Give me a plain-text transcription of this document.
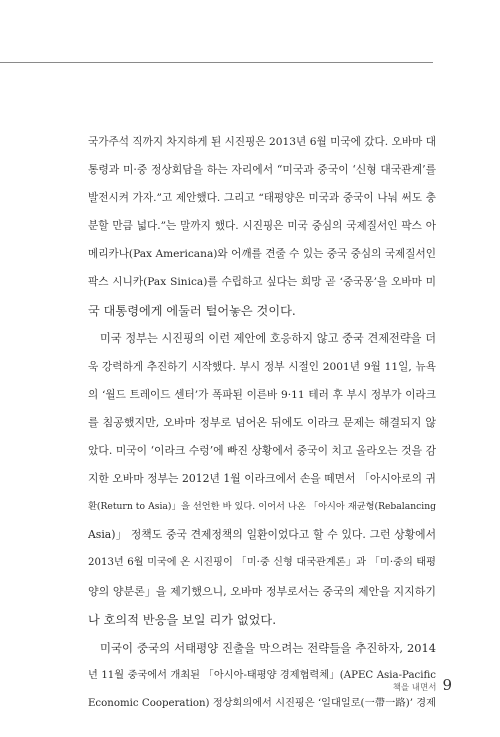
국가주석 직까지 차지하게 된 시진핑은 2013년 6월 미국에 갔다. 오바마 대
통령과 미·중 정상회담을 하는 자리에서 “미국과 중국이 ‘신형 대국관계’를
발전시켜 가자.”고 제안했다. 그리고 “태평양은 미국과 중국이 나눠 써도 충
분할 만큼 넓다.”는 말까지 했다. 시진핑은 미국 중심의 국제질서인 팍스 아
메리카나(Pax Americana)와 어깨를 견줄 수 있는 중국 중심의 국제질서인
팍스 시니카(Pax Sinica)를 수립하고 싶다는 희망 곧 ‘중국몽’을 오바마 미
국 대통령에게 에둘러 털어놓은 것이다.
미국 정부는 시진핑의 이런 제안에 호응하지 않고 중국 견제전략을 더
욱 강력하게 추진하기 시작했다. 부시 정부 시절인 2001년 9월 11일, 뉴욕
의 ‘월드 트레이드 센터’가 폭파된 이른바 9·11 테러 후 부시 정부가 이라크
를 침공했지만, 오바마 정부로 넘어온 뒤에도 이라크 문제는 해결되지 않
았다. 미국이 ‘이라크 수렁’에 빠진 상황에서 중국이 치고 올라오는 것을 감
지한 오바마 정부는 2012년 1월 이라크에서 손을 떼면서 「아시아로의 귀
환(Return to Asia)」을 선언한 바 있다. 이어서 나온 「아시아 재균형(Rebalancing
Asia)」 정책도 중국 견제정책의 일환이었다고 할 수 있다. 그런 상황에서
2013년 6월 미국에 온 시진핑이 「미·중 신형 대국관계론」과 「미·중의 태평
양의 양분론」을 제기했으니, 오바마 정부로서는 중국의 제안을 지지하기
나 호의적 반응을 보일 리가 없었다.
미국이 중국의 서태평양 진출을 막으려는 전략들을 추진하자, 2014
년 11월 중국에서 개최된 「아시아-태평양 경제협력체」(APEC Asia-Pacific
Economic Cooperation) 정상회의에서 시진핑은 ‘일대일로(一帶一路)’ 경제
책을 내면서 9
